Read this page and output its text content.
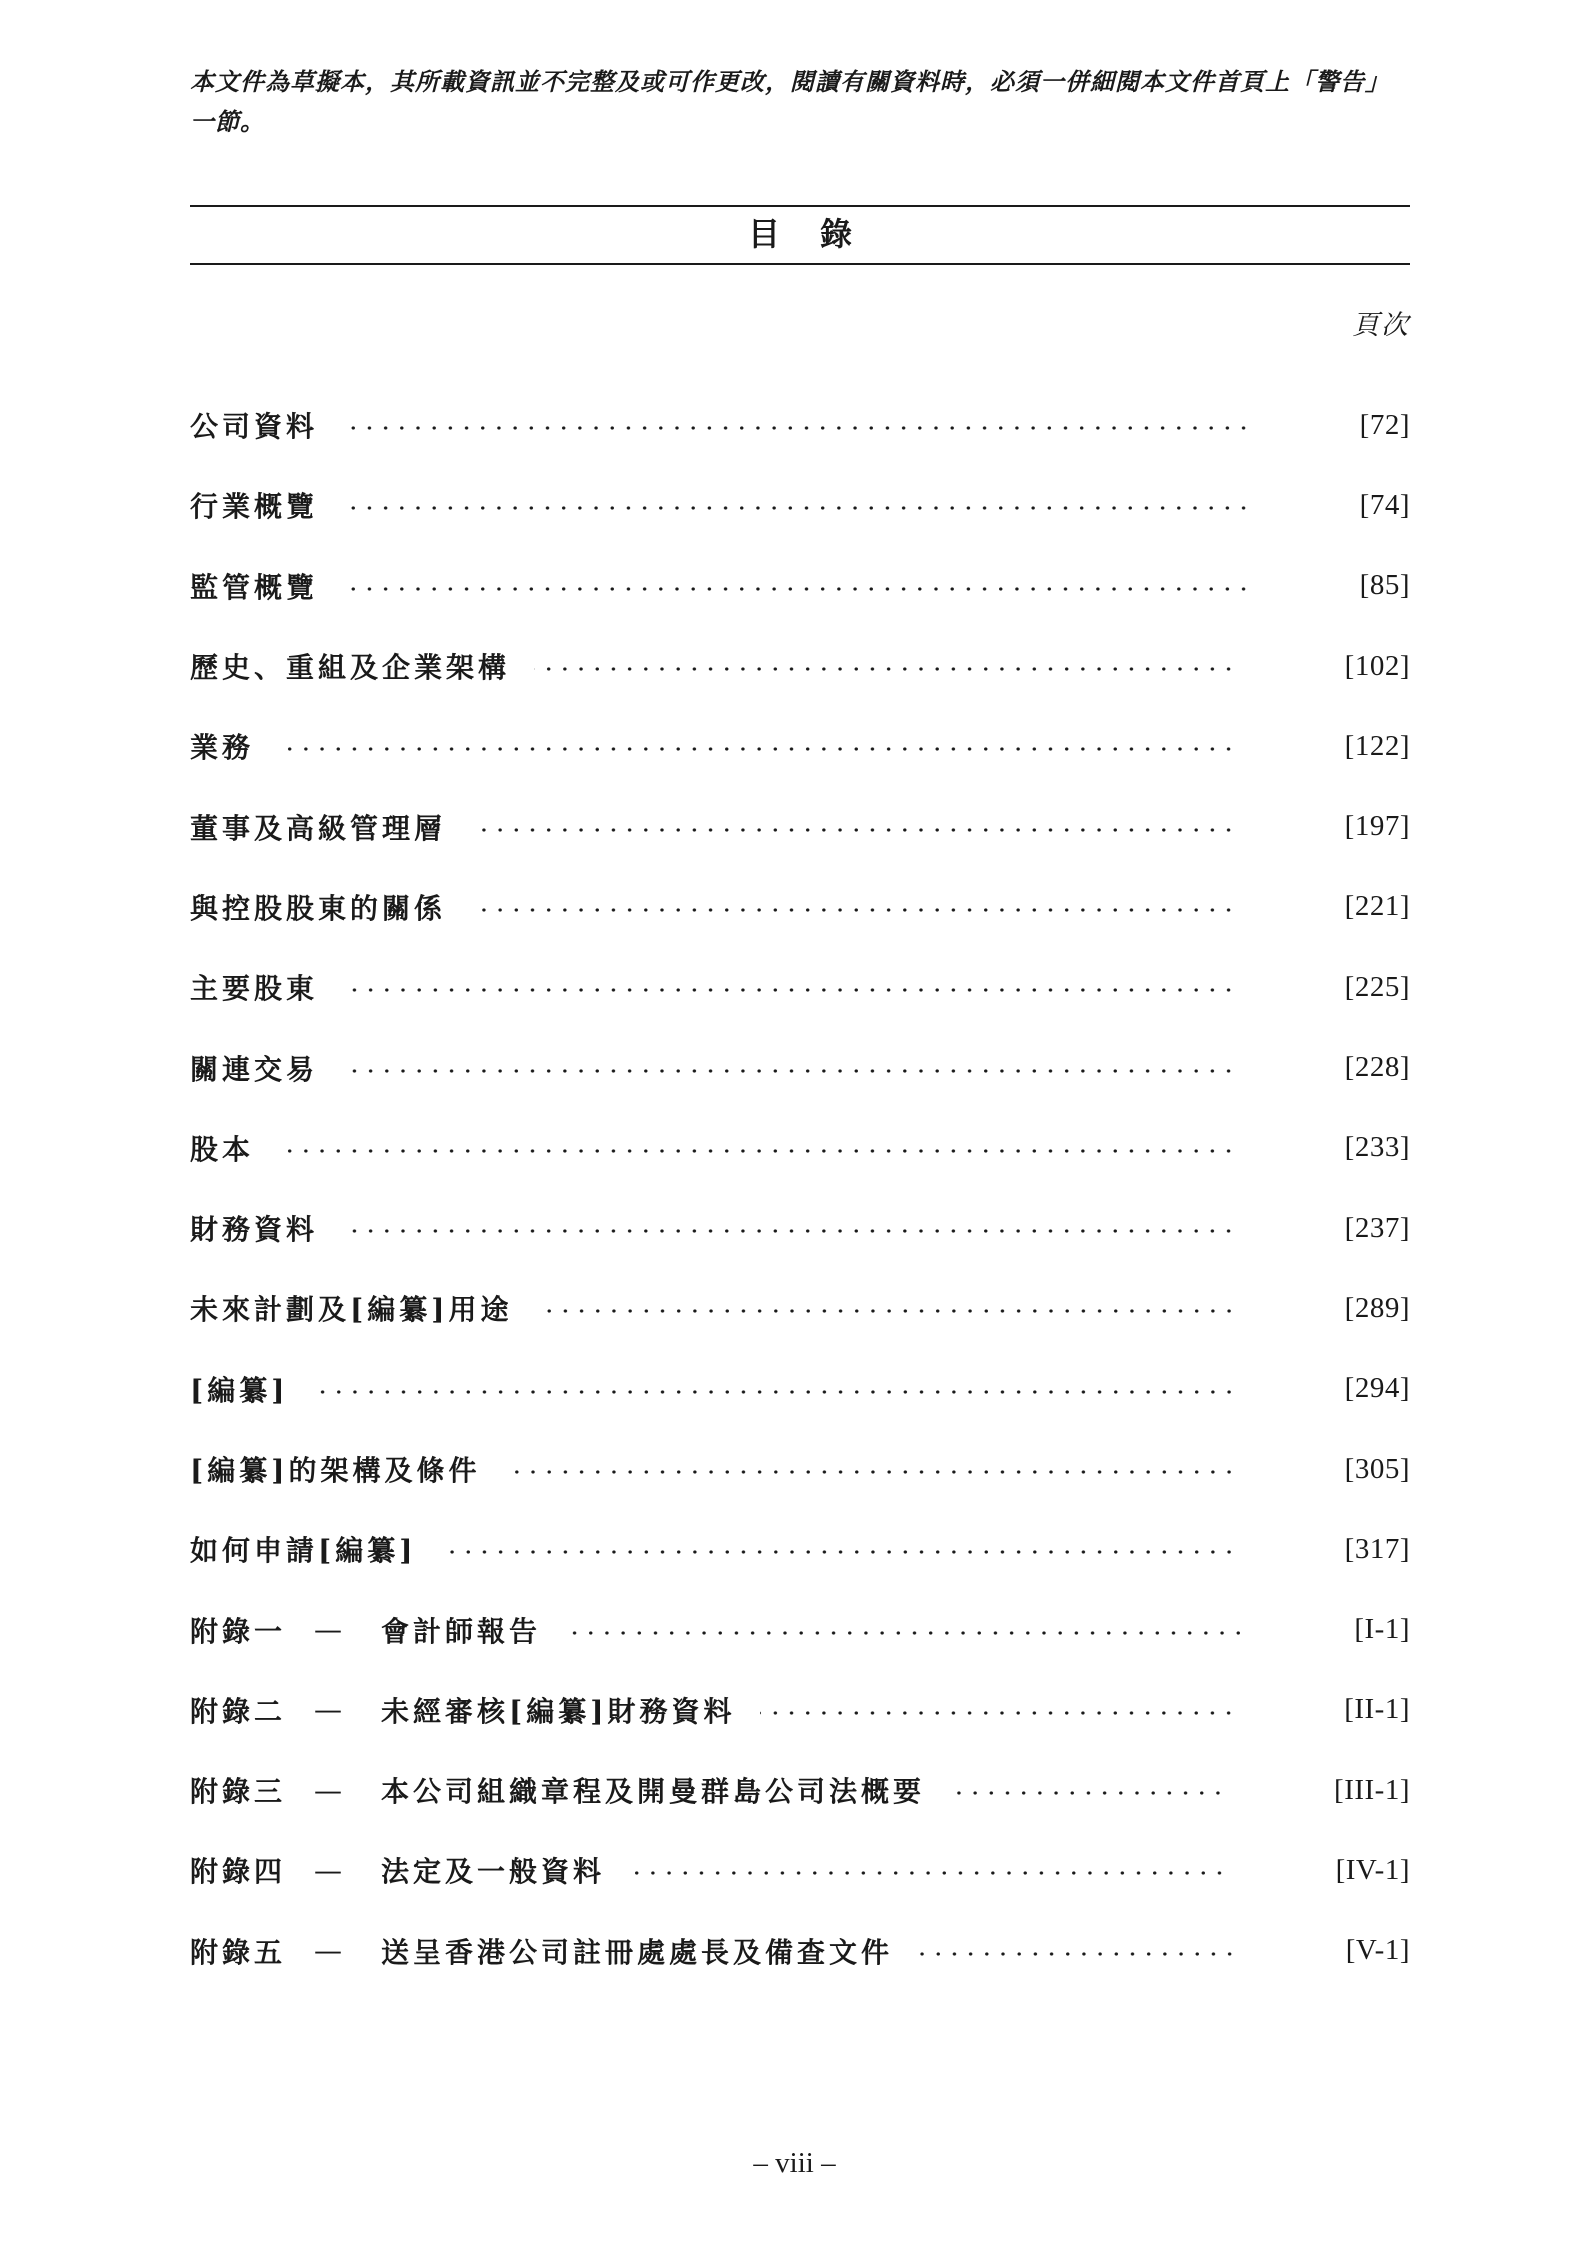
本文件為草擬本，其所載資訊並不完整及或可作更改，閱讀有關資料時，必須一併細閱本文件首頁上「警告」一節。
目錄
頁次
公司資料	[72]
行業概覽	[74]
監管概覽	[85]
歷史、重組及企業架構	[102]
業務	[122]
董事及高級管理層	[197]
與控股股東的關係	[221]
主要股東	[225]
關連交易	[228]
股本	[233]
財務資料	[237]
未來計劃及[編纂]用途	[289]
[編纂]	[294]
[編纂]的架構及條件	[305]
如何申請[編纂]	[317]
附錄一 —	會計師報告	[I-1]
附錄二 —	未經審核[編纂]財務資料	[II-1]
附錄三 —	本公司組織章程及開曼群島公司法概要	[III-1]
附錄四 —	法定及一般資料	[IV-1]
附錄五 —	送呈香港公司註冊處處長及備查文件	[V-1]
– viii –
